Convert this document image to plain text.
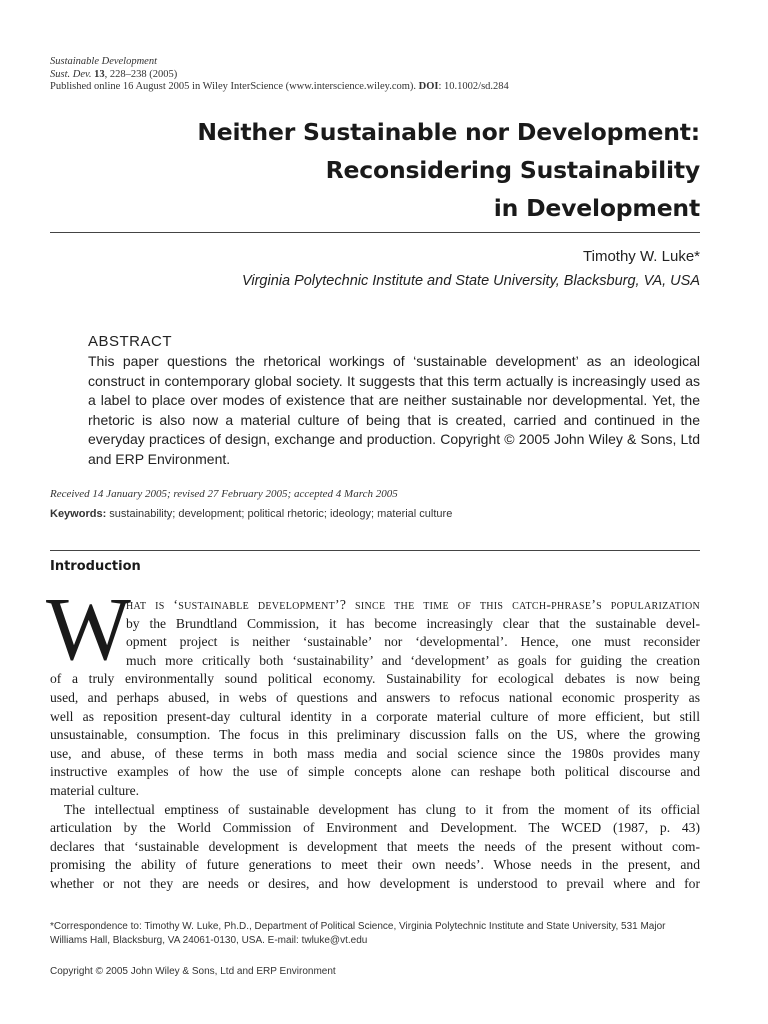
Sustainable Development
Sust. Dev. 13, 228–238 (2005)
Published online 16 August 2005 in Wiley InterScience (www.interscience.wiley.com). DOI: 10.1002/sd.284
Neither Sustainable nor Development:
Reconsidering Sustainability
in Development
Timothy W. Luke*
Virginia Polytechnic Institute and State University, Blacksburg, VA, USA
ABSTRACT
This paper questions the rhetorical workings of ‘sustainable development’ as an ideological construct in contemporary global society. It suggests that this term actually is increasingly used as a label to place over modes of existence that are neither sustainable nor developmental. Yet, the rhetoric is also now a material culture of being that is created, carried and continued in the everyday practices of design, exchange and production. Copyright © 2005 John Wiley & Sons, Ltd and ERP Environment.
Received 14 January 2005; revised 27 February 2005; accepted 4 March 2005
Keywords: sustainability; development; political rhetoric; ideology; material culture
Introduction
W
hat is ‘sustainable development’? since the time of this catch-phrase’s popularization
by the Brundtland Commission, it has become increasingly clear that the sustainable devel-
opment project is neither ‘sustainable’ nor ‘developmental’. Hence, one must reconsider
much more critically both ‘sustainability’ and ‘development’ as goals for guiding the creation
of a truly environmentally sound political economy. Sustainability for ecological debates is now being
used, and perhaps abused, in webs of questions and answers to refocus national economic prosperity as
well as reposition present-day cultural identity in a corporate material culture of more efficient, but still
unsustainable, consumption. The focus in this preliminary discussion falls on the US, where the growing
use, and abuse, of these terms in both mass media and social science since the 1980s provides many
instructive examples of how the use of simple concepts alone can reshape both political discourse and
material culture.
The intellectual emptiness of sustainable development has clung to it from the moment of its official
articulation by the World Commission of Environment and Development. The WCED (1987, p. 43)
declares that ‘sustainable development is development that meets the needs of the present without com-
promising the ability of future generations to meet their own needs’. Whose needs in the present, and
whether or not they are needs or desires, and how development is understood to prevail where and for
*Correspondence to: Timothy W. Luke, Ph.D., Department of Political Science, Virginia Polytechnic Institute and State University, 531 Major Williams Hall, Blacksburg, VA 24061-0130, USA. E-mail: twluke@vt.edu
Copyright © 2005 John Wiley & Sons, Ltd and ERP Environment
